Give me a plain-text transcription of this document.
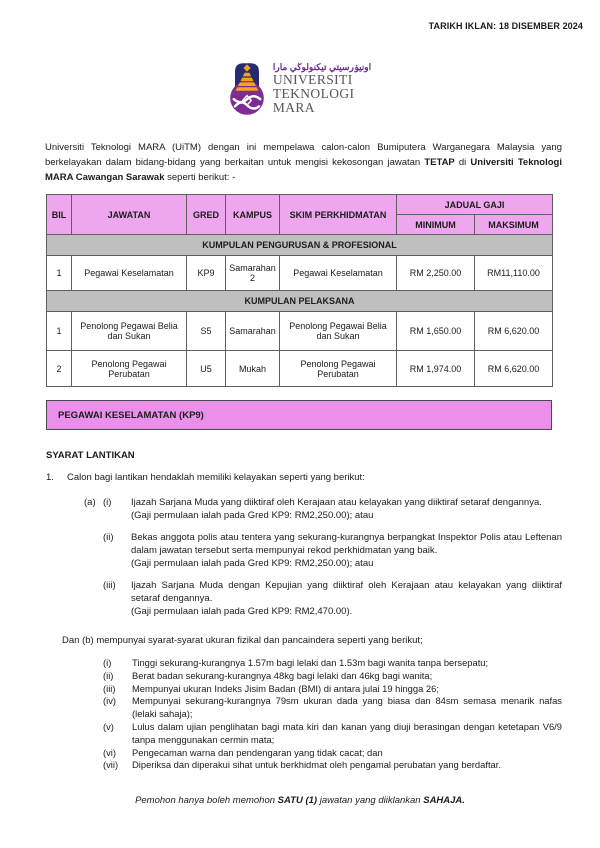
TARIKH IKLAN: 18 DISEMBER 2024
اونيۏرسيتي تيكنولوڬي مارا
UNIVERSITI
TEKNOLOGI
MARA

Universiti Teknologi MARA (UiTM) dengan ini mempelawa calon-calon Bumiputera Warganegara Malaysia yang berkelayakan dalam bidang-bidang yang berkaitan untuk mengisi kekosongan jawatan TETAP di Universiti Teknologi MARA Cawangan Sarawak seperti berikut: -

BIL	JAWATAN	GRED	KAMPUS	SKIM PERKHIDMATAN	JADUAL GAJI	
					MINIMUM	MAKSIMUM
KUMPULAN PENGURUSAN & PROFESIONAL						
1	Pegawai Keselamatan	KP9	Samarahan 2	Pegawai Keselamatan	RM 2,250.00	RM11,110.00
KUMPULAN PELAKSANA						
1	Penolong Pegawai Belia dan Sukan	S5	Samarahan	Penolong Pegawai Belia dan Sukan	RM 1,650.00	RM 6,620.00
2	Penolong Pegawai Perubatan	U5	Mukah	Penolong Pegawai Perubatan	RM 1,974.00	RM 6,620.00
PEGAWAI KESELAMATAN (KP9)
SYARAT LANTIKAN
1. Calon bagi lantikan hendaklah memiliki kelayakan seperti yang berikut:
(a) (i)	Ijazah Sarjana Muda yang diiktiraf oleh Kerajaan atau kelayakan yang diiktiraf setaraf dengannya.
(Gaji permulaan ialah pada Gred KP9: RM2,250.00); atau
(ii)	Bekas anggota polis atau tentera yang sekurang-kurangnya berpangkat Inspektor Polis atau Leftenan dalam jawatan tersebut serta mempunyai rekod perkhidmatan yang baik.
(Gaji permulaan ialah pada Gred KP9: RM2,250.00); atau
(iii)	Ijazah Sarjana Muda dengan Kepujian yang diiktiraf oleh Kerajaan atau kelayakan yang diiktiraf setaraf dengannya.
(Gaji permulaan ialah pada Gred KP9: RM2,470.00).
Dan (b) mempunyai syarat-syarat ukuran fizikal dan pancaindera seperti yang berikut;
(i)	Tinggi sekurang-kurangnya 1.57m bagi lelaki dan 1.53m bagi wanita tanpa bersepatu;
(ii)	Berat badan sekurang-kurangnya 48kg bagi lelaki dan 46kg bagi wanita;
(iii)	Mempunyai ukuran Indeks Jisim Badan (BMI) di antara julai 19 hingga 26;
(iv)	Mempunyai sekurang-kurangnya 79sm ukuran dada yang biasa dan 84sm semasa menarik nafas (lelaki sahaja);
(v)	Lulus dalam ujian penglihatan bagi mata kiri dan kanan yang diuji berasingan dengan ketetapan V6/9 tanpa menggunakan cermin mata;
(vi)	Pengecaman warna dan pendengaran yang tidak cacat; dan
(vii)	Diperiksa dan diperakui sihat untuk berkhidmat oleh pengamal perubatan yang berdaftar.
Pemohon hanya boleh memohon SATU (1) jawatan yang diiklankan SAHAJA.
